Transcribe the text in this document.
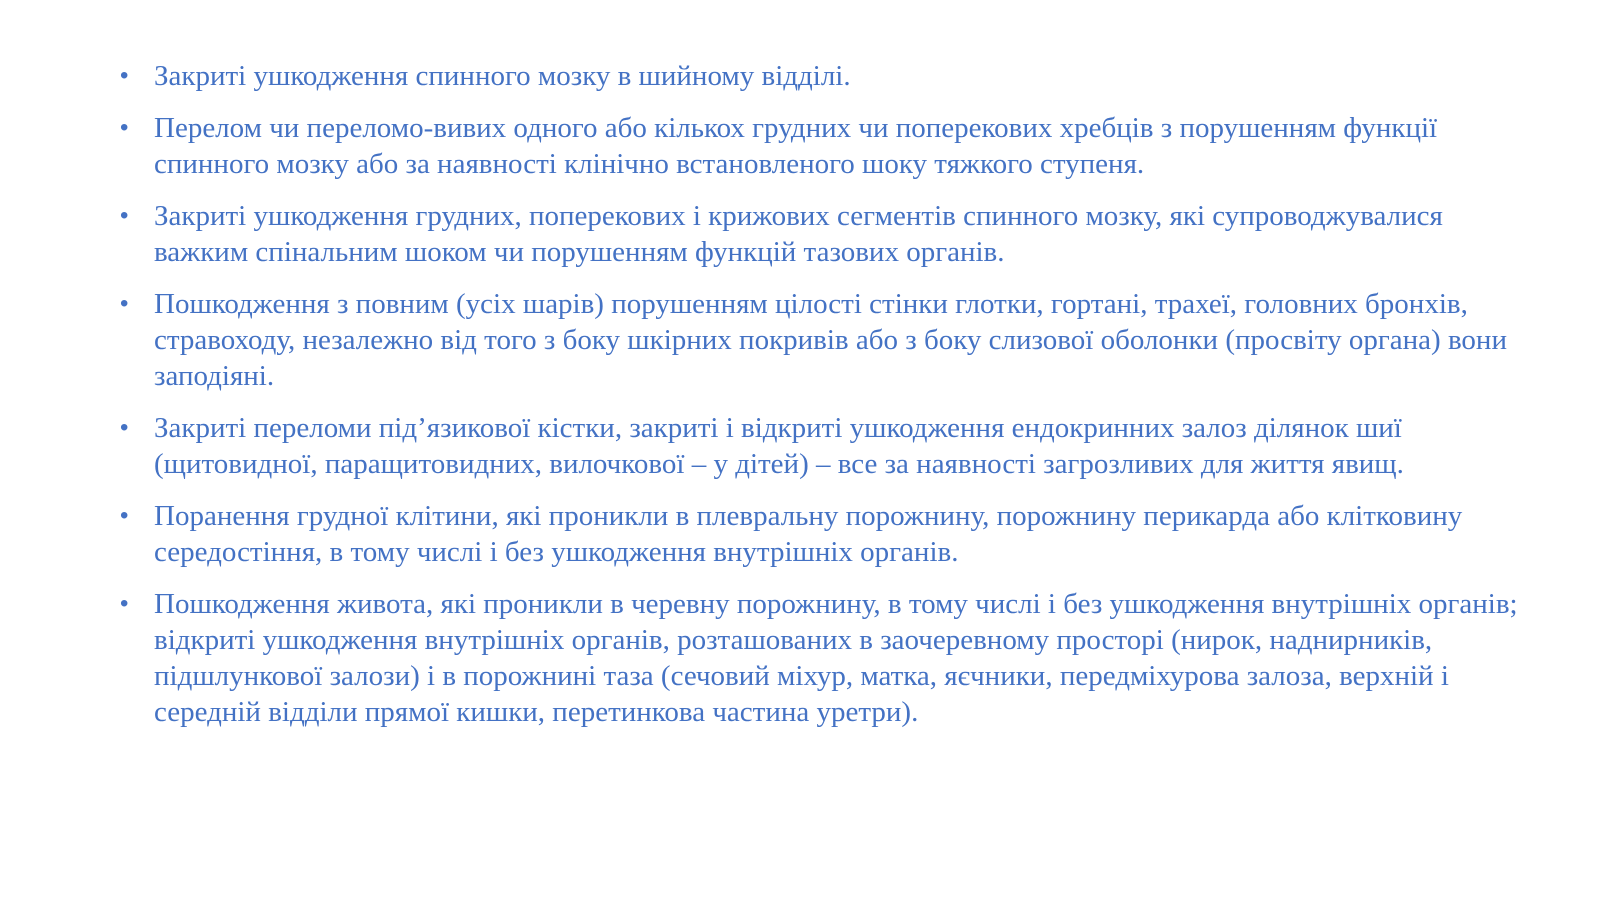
• Закриті ушкодження спинного мозку в шийному відділі.
• Перелом чи переломо-вивих одного або кількох грудних чи поперекових хребців з порушенням функції спинного мозку або за наявності клінічно встановленого шоку тяжкого ступеня.
• Закриті ушкодження грудних, поперекових і крижових сегментів спинного мозку, які супроводжувалися важким спінальним шоком чи порушенням функцій тазових органів.
• Пошкодження з повним (усіх шарів) порушенням цілості стінки глотки, гортані, трахеї, головних бронхів, стравоходу, незалежно від того з боку шкірних покривів або з боку слизової оболонки (просвіту органа) вони заподіяні.
• Закриті переломи під’язикової кістки, закриті і відкриті ушкодження ендокринних залоз ділянок шиї (щитовидної, паращитовидних, вилочкової – у дітей) – все за наявності загрозливих для життя явищ.
• Поранення грудної клітини, які проникли в плевральну порожнину, порожнину перикарда або клітковину середостіння, в тому числі і без ушкодження внутрішніх органів.
• Пошкодження живота, які проникли в черевну порожнину, в тому числі і без ушкодження внутрішніх органів; відкриті ушкодження внутрішніх органів, розташованих в заочеревному просторі (нирок, наднирників, підшлункової залози) і в порожнині таза (сечовий міхур, матка, яєчники, передміхурова залоза, верхній і середній відділи прямої кишки, перетинкова частина уретри).
